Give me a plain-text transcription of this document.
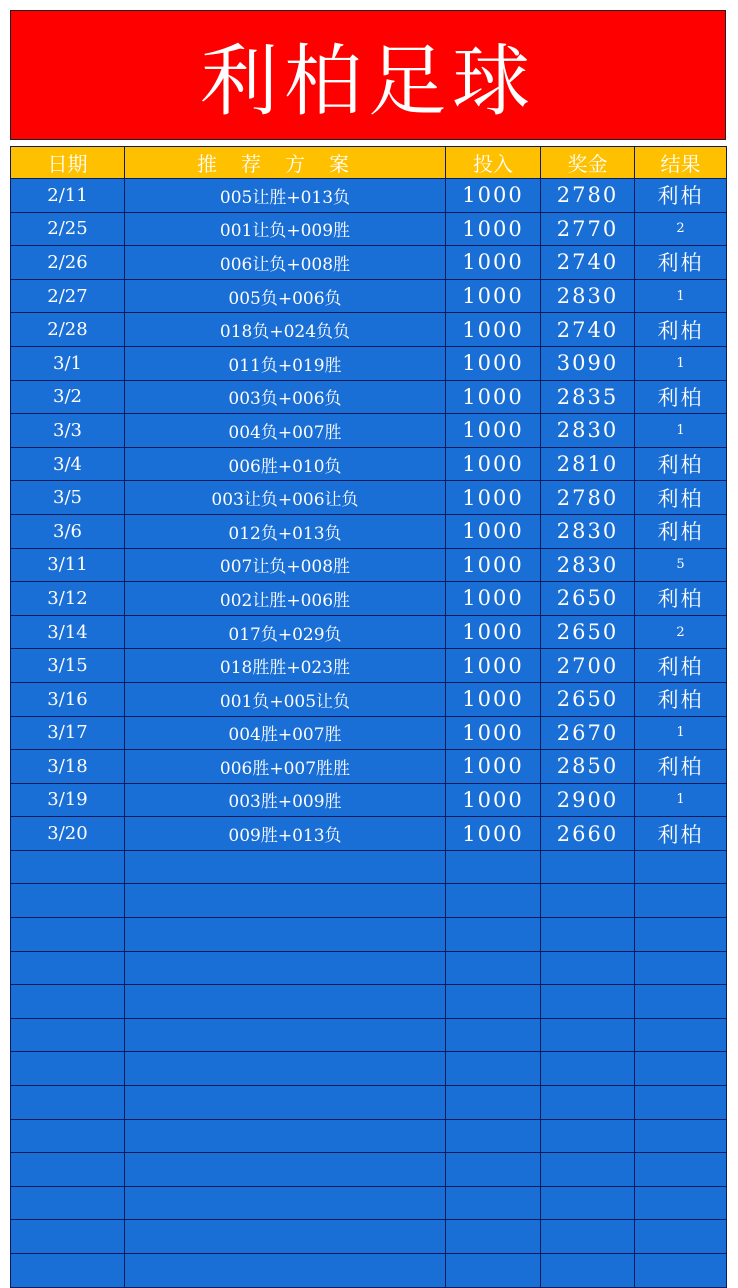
利柏足球
日期	推荐方案	投入	奖金	结果
2/11	005让胜+013负	1000	2780	利柏
2/25	001让负+009胜	1000	2770	2
2/26	006让负+008胜	1000	2740	利柏
2/27	005负+006负	1000	2830	1
2/28	018负+024负负	1000	2740	利柏
3/1	011负+019胜	1000	3090	1
3/2	003负+006负	1000	2835	利柏
3/3	004负+007胜	1000	2830	1
3/4	006胜+010负	1000	2810	利柏
3/5	003让负+006让负	1000	2780	利柏
3/6	012负+013负	1000	2830	利柏
3/11	007让负+008胜	1000	2830	5
3/12	002让胜+006胜	1000	2650	利柏
3/14	017负+029负	1000	2650	2
3/15	018胜胜+023胜	1000	2700	利柏
3/16	001负+005让负	1000	2650	利柏
3/17	004胜+007胜	1000	2670	1
3/18	006胜+007胜胜	1000	2850	利柏
3/19	003胜+009胜	1000	2900	1
3/20	009胜+013负	1000	2660	利柏
